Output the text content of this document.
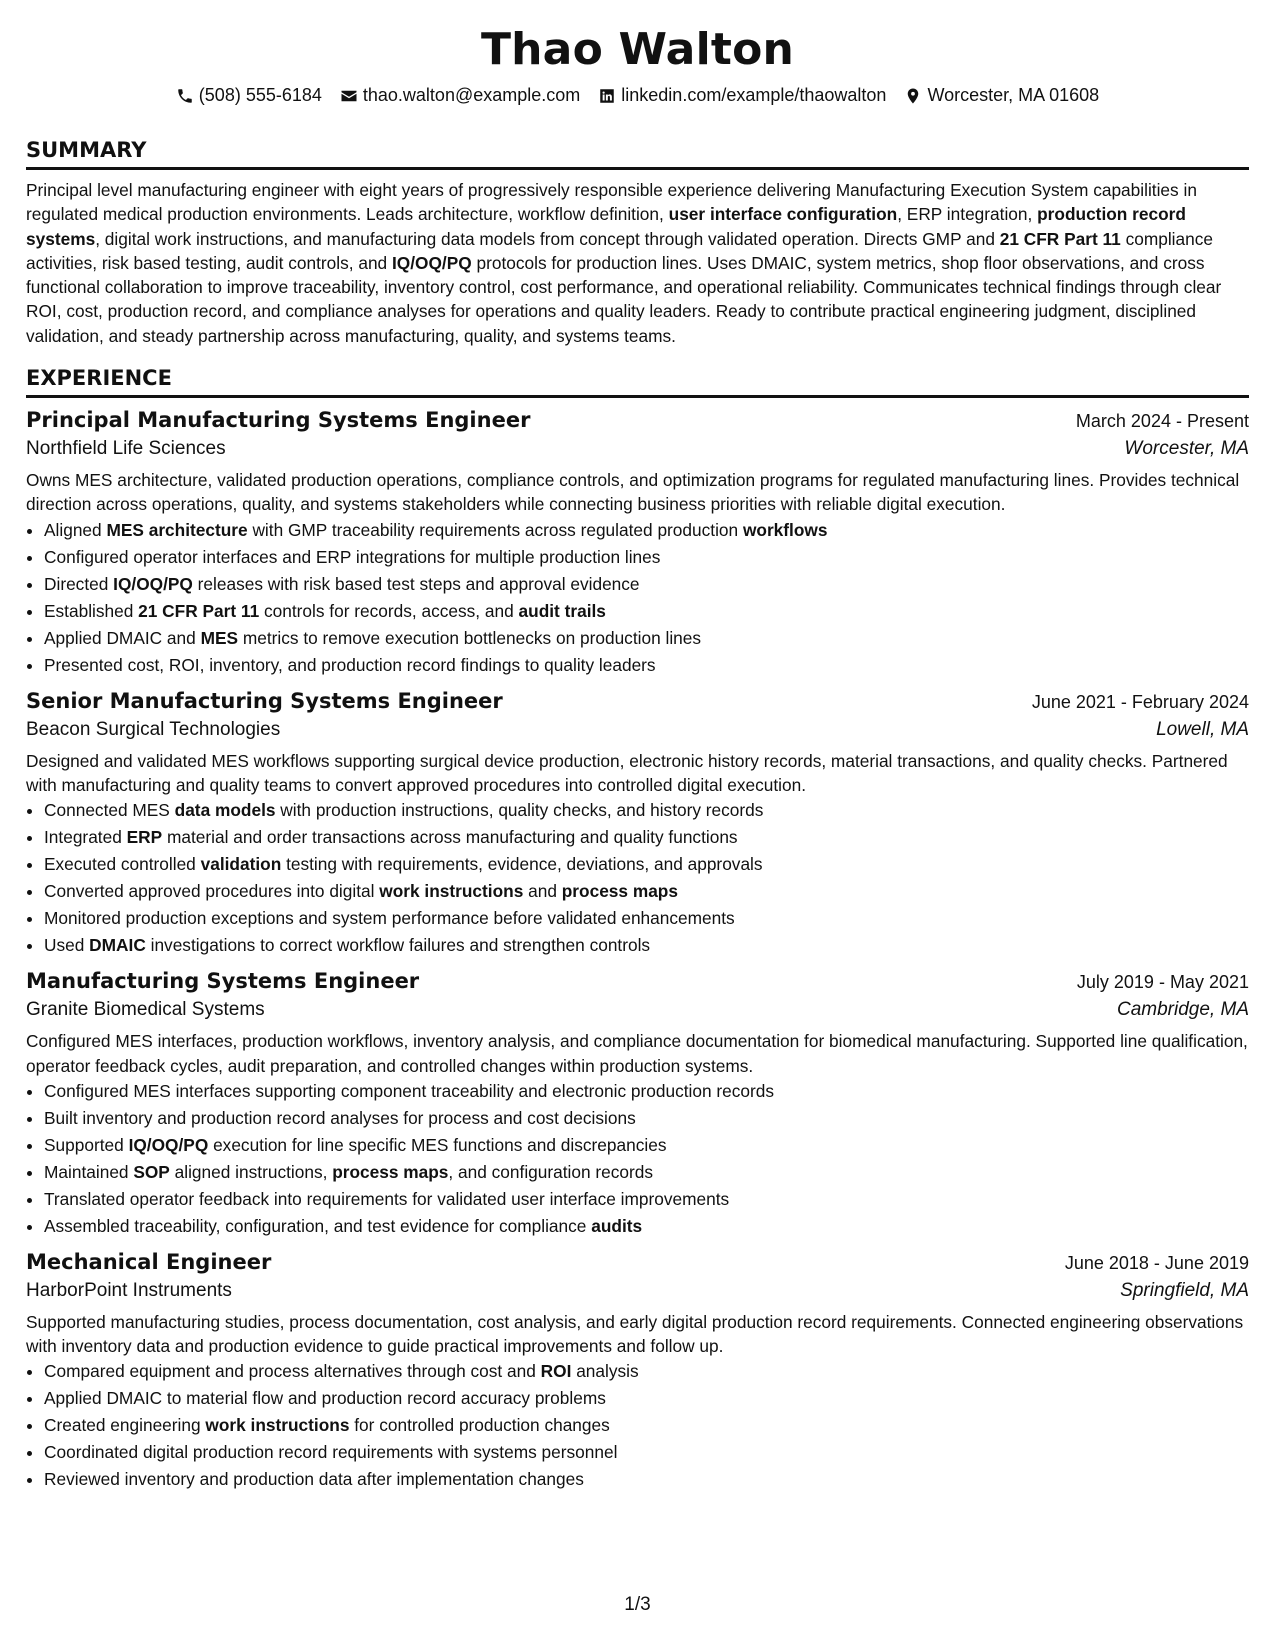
Thao Walton
(508) 555-6184 thao.walton@example.com linkedin.com/example/thaowalton Worcester, MA 01608
SUMMARY
Principal level manufacturing engineer with eight years of progressively responsible experience delivering Manufacturing Execution System capabilities in regulated medical production environments. Leads architecture, workflow definition, user interface configuration, ERP integration, production record systems, digital work instructions, and manufacturing data models from concept through validated operation. Directs GMP and 21 CFR Part 11 compliance activities, risk based testing, audit controls, and IQ/OQ/PQ protocols for production lines. Uses DMAIC, system metrics, shop floor observations, and cross functional collaboration to improve traceability, inventory control, cost performance, and operational reliability. Communicates technical findings through clear ROI, cost, production record, and compliance analyses for operations and quality leaders. Ready to contribute practical engineering judgment, disciplined validation, and steady partnership across manufacturing, quality, and systems teams.
EXPERIENCE
Principal Manufacturing Systems Engineer	March 2024 - Present
Northfield Life Sciences	Worcester, MA
Owns MES architecture, validated production operations, compliance controls, and optimization programs for regulated manufacturing lines. Provides technical direction across operations, quality, and systems stakeholders while connecting business priorities with reliable digital execution.
• Aligned MES architecture with GMP traceability requirements across regulated production workflows
• Configured operator interfaces and ERP integrations for multiple production lines
• Directed IQ/OQ/PQ releases with risk based test steps and approval evidence
• Established 21 CFR Part 11 controls for records, access, and audit trails
• Applied DMAIC and MES metrics to remove execution bottlenecks on production lines
• Presented cost, ROI, inventory, and production record findings to quality leaders
Senior Manufacturing Systems Engineer	June 2021 - February 2024
Beacon Surgical Technologies	Lowell, MA
Designed and validated MES workflows supporting surgical device production, electronic history records, material transactions, and quality checks. Partnered with manufacturing and quality teams to convert approved procedures into controlled digital execution.
• Connected MES data models with production instructions, quality checks, and history records
• Integrated ERP material and order transactions across manufacturing and quality functions
• Executed controlled validation testing with requirements, evidence, deviations, and approvals
• Converted approved procedures into digital work instructions and process maps
• Monitored production exceptions and system performance before validated enhancements
• Used DMAIC investigations to correct workflow failures and strengthen controls
Manufacturing Systems Engineer	July 2019 - May 2021
Granite Biomedical Systems	Cambridge, MA
Configured MES interfaces, production workflows, inventory analysis, and compliance documentation for biomedical manufacturing. Supported line qualification, operator feedback cycles, audit preparation, and controlled changes within production systems.
• Configured MES interfaces supporting component traceability and electronic production records
• Built inventory and production record analyses for process and cost decisions
• Supported IQ/OQ/PQ execution for line specific MES functions and discrepancies
• Maintained SOP aligned instructions, process maps, and configuration records
• Translated operator feedback into requirements for validated user interface improvements
• Assembled traceability, configuration, and test evidence for compliance audits
Mechanical Engineer	June 2018 - June 2019
HarborPoint Instruments	Springfield, MA
Supported manufacturing studies, process documentation, cost analysis, and early digital production record requirements. Connected engineering observations with inventory data and production evidence to guide practical improvements and follow up.
• Compared equipment and process alternatives through cost and ROI analysis
• Applied DMAIC to material flow and production record accuracy problems
• Created engineering work instructions for controlled production changes
• Coordinated digital production record requirements with systems personnel
• Reviewed inventory and production data after implementation changes
1/3
